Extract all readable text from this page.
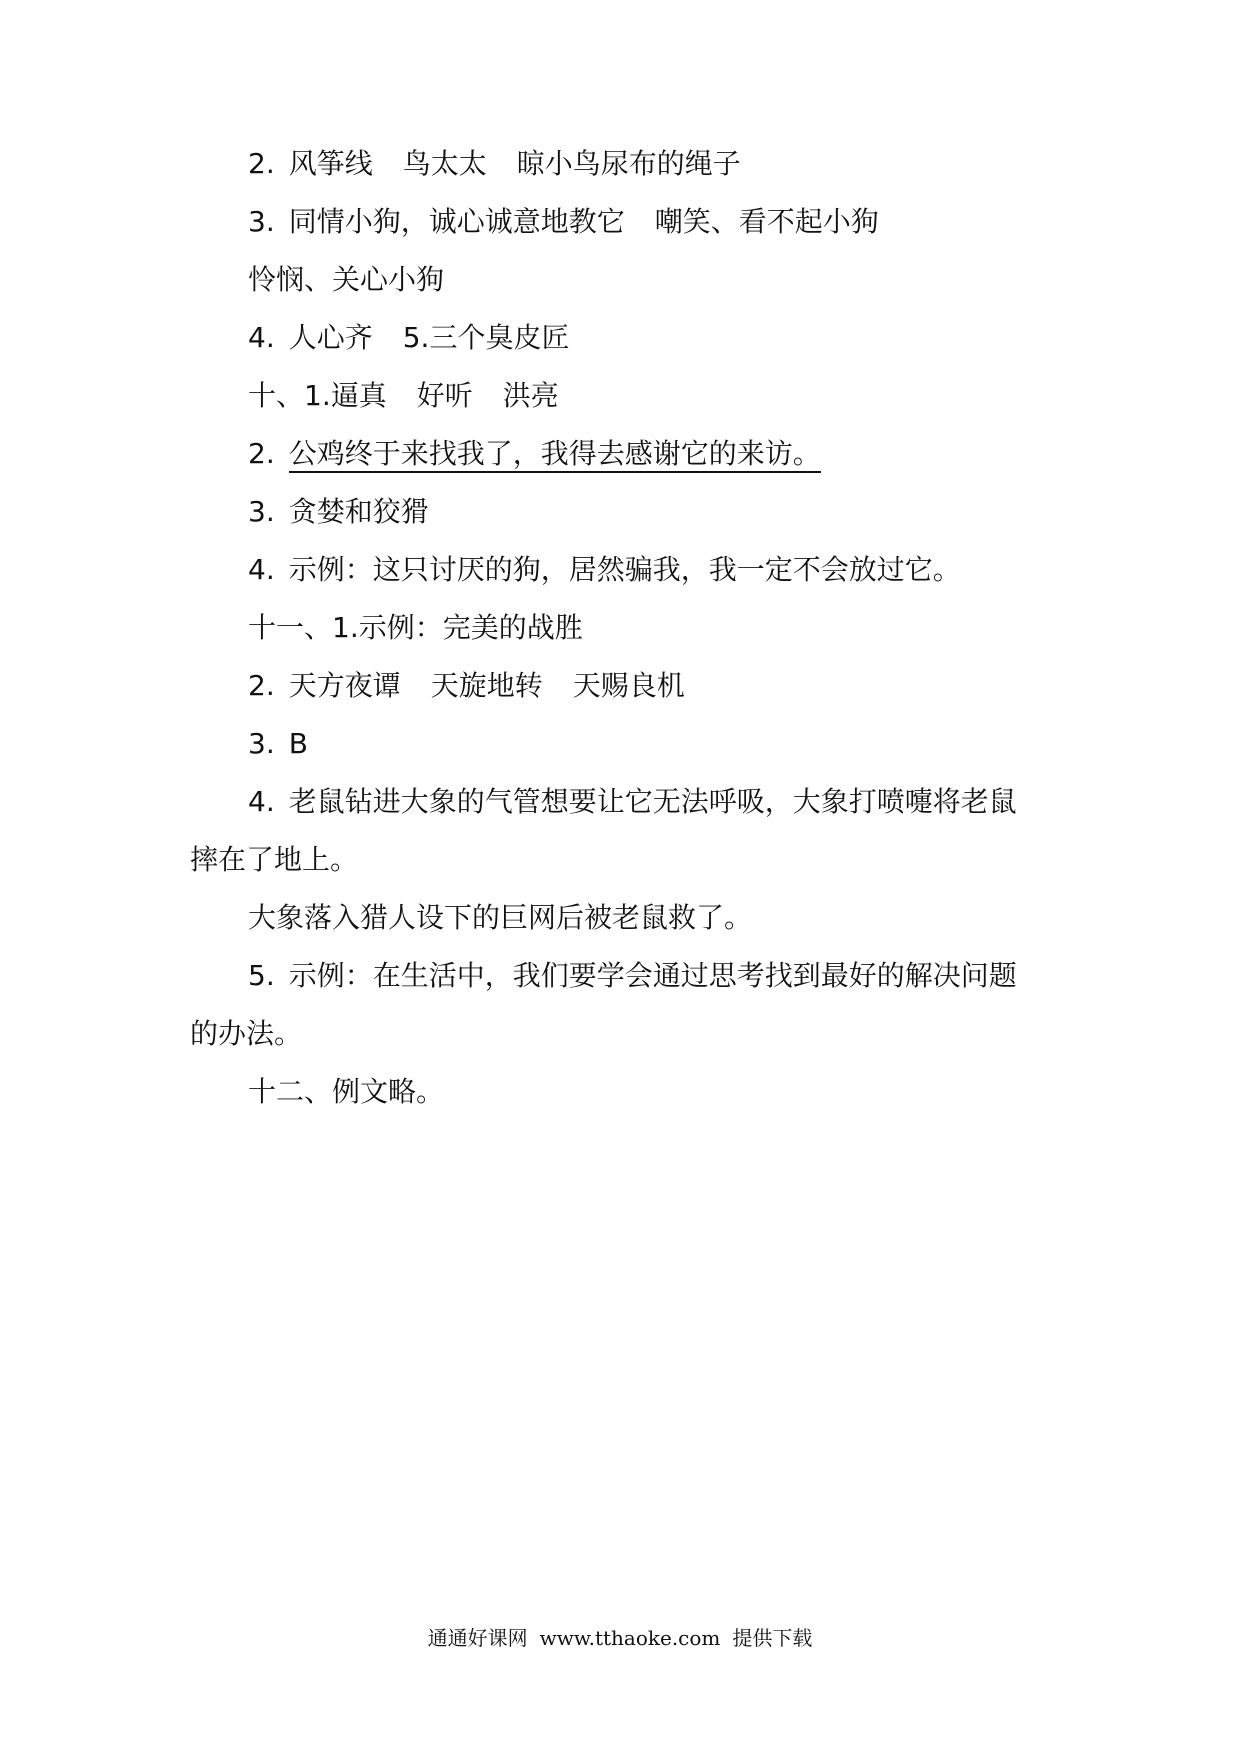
2. 风筝线 鸟太太 晾小鸟尿布的绳子
3. 同情小狗，诚心诚意地教它 嘲笑、看不起小狗
怜悯、关心小狗
4. 人心齐 5.三个臭皮匠
十、1.逼真 好听 洪亮
2. 公鸡终于来找我了，我得去感谢它的来访。
3. 贪婪和狡猾
4. 示例：这只讨厌的狗，居然骗我，我一定不会放过它。
十一、1.示例：完美的战胜
2. 天方夜谭 天旋地转 天赐良机
3. B
4. 老鼠钻进大象的气管想要让它无法呼吸，大象打喷嚏将老鼠
摔在了地上。
大象落入猎人设下的巨网后被老鼠救了。
5. 示例：在生活中，我们要学会通过思考找到最好的解决问题
的办法。
十二、例文略。
通通好课网 www.tthaoke.com 提供下载
